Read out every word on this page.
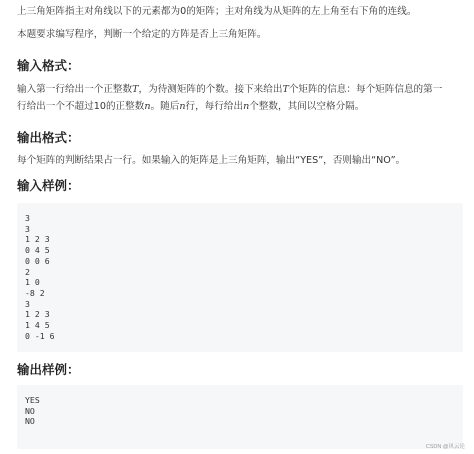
上三角矩阵指主对角线以下的元素都为0的矩阵；主对角线为从矩阵的左上角至右下角的连线。
本题要求编写程序，判断一个给定的方阵是否上三角矩阵。
输入格式：
输入第一行给出一个正整数T，为待测矩阵的个数。接下来给出T个矩阵的信息：每个矩阵信息的第一
行给出一个不超过10的正整数n。随后n行，每行给出n个整数，其间以空格分隔。
输出格式：
每个矩阵的判断结果占一行。如果输入的矩阵是上三角矩阵，输出“YES”，否则输出“NO”。
输入样例：
3
3
1 2 3
0 4 5
0 0 6
2
1 0
-8 2
3
1 2 3
1 4 5
0 -1 6
输出样例：
YES
NO
NO
CSDN @风云论
